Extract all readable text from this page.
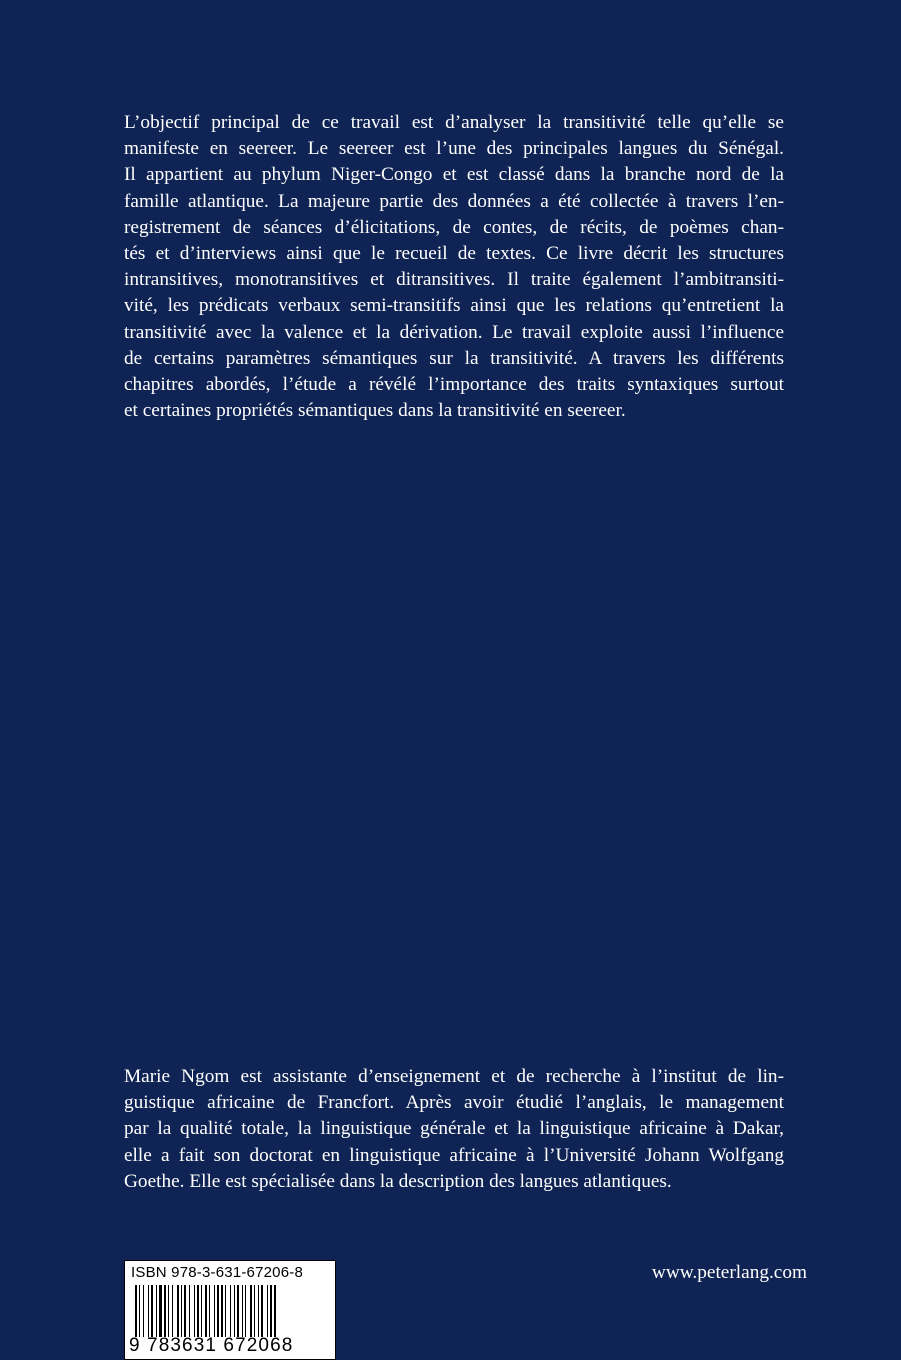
L’objectif principal de ce travail est d’analyser la transitivité telle qu’elle se
manifeste en seereer. Le seereer est l’une des principales langues du Sénégal.
Il appartient au phylum Niger-Congo et est classé dans la branche nord de la
famille atlantique. La majeure partie des données a été collectée à travers l’en-
registrement de séances d’élicitations, de contes, de récits, de poèmes chan-
tés et d’interviews ainsi que le recueil de textes. Ce livre décrit les structures
intransitives, monotransitives et ditransitives. Il traite également l’ambitransiti-
vité, les prédicats verbaux semi-transitifs ainsi que les relations qu’entretient la
transitivité avec la valence et la dérivation. Le travail exploite aussi l’influence
de certains paramètres sémantiques sur la transitivité. A travers les différents
chapitres abordés, l’étude a révélé l’importance des traits syntaxiques surtout
et certaines propriétés sémantiques dans la transitivité en seereer.
Marie Ngom est assistante d’enseignement et de recherche à l’institut de lin-
guistique africaine de Francfort. Après avoir étudié l’anglais, le management
par la qualité totale, la linguistique générale et la linguistique africaine à Dakar,
elle a fait son doctorat en linguistique africaine à l’Université Johann Wolfgang
Goethe. Elle est spécialisée dans la description des langues atlantiques.
ISBN 978-3-631-67206-8
9 783631 672068
www.peterlang.com
